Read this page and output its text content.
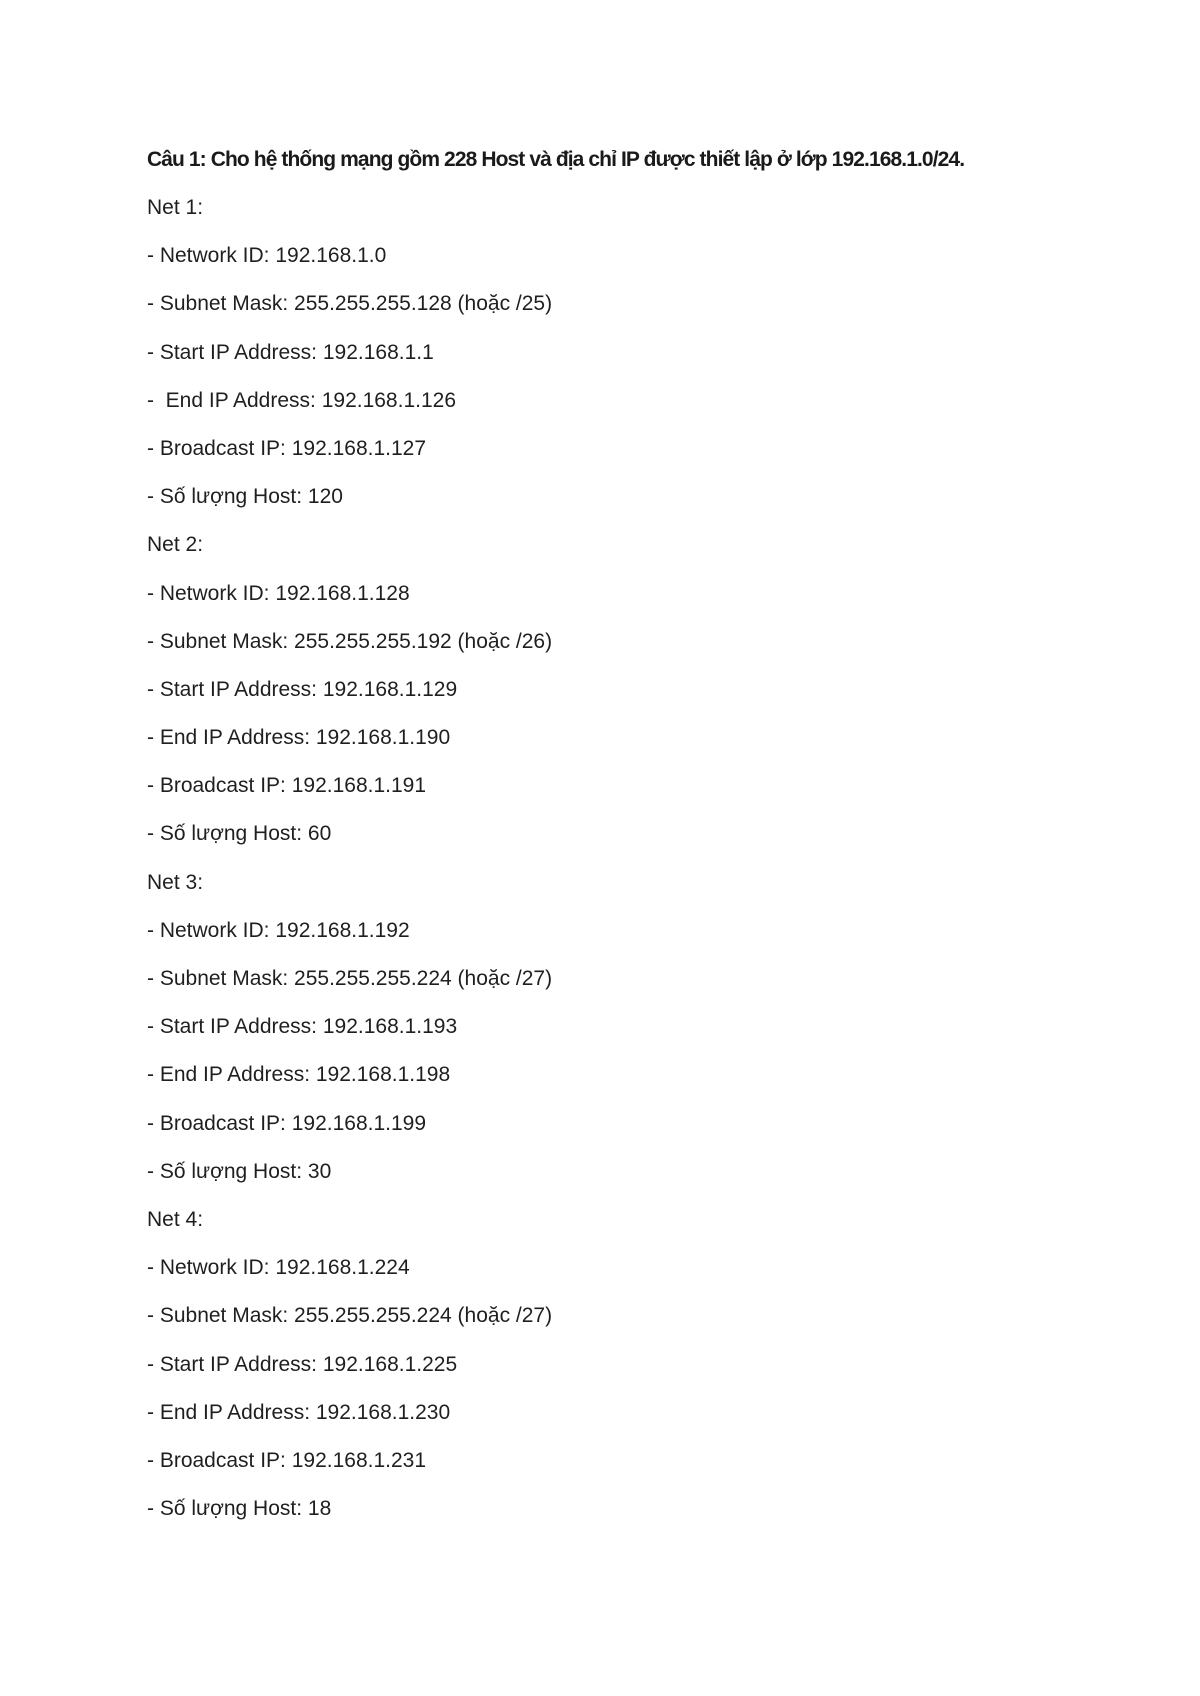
Câu 1: Cho hệ thống mạng gồm 228 Host và địa chỉ IP được thiết lập ở lớp 192.168.1.0/24.
Net 1:
- Network ID: 192.168.1.0
- Subnet Mask: 255.255.255.128 (hoặc /25)
- Start IP Address: 192.168.1.1
-  End IP Address: 192.168.1.126
- Broadcast IP: 192.168.1.127
- Số lượng Host: 120
Net 2:
- Network ID: 192.168.1.128
- Subnet Mask: 255.255.255.192 (hoặc /26)
- Start IP Address: 192.168.1.129
- End IP Address: 192.168.1.190
- Broadcast IP: 192.168.1.191
- Số lượng Host: 60
Net 3:
- Network ID: 192.168.1.192
- Subnet Mask: 255.255.255.224 (hoặc /27)
- Start IP Address: 192.168.1.193
- End IP Address: 192.168.1.198
- Broadcast IP: 192.168.1.199
- Số lượng Host: 30
Net 4:
- Network ID: 192.168.1.224
- Subnet Mask: 255.255.255.224 (hoặc /27)
- Start IP Address: 192.168.1.225
- End IP Address: 192.168.1.230
- Broadcast IP: 192.168.1.231
- Số lượng Host: 18
